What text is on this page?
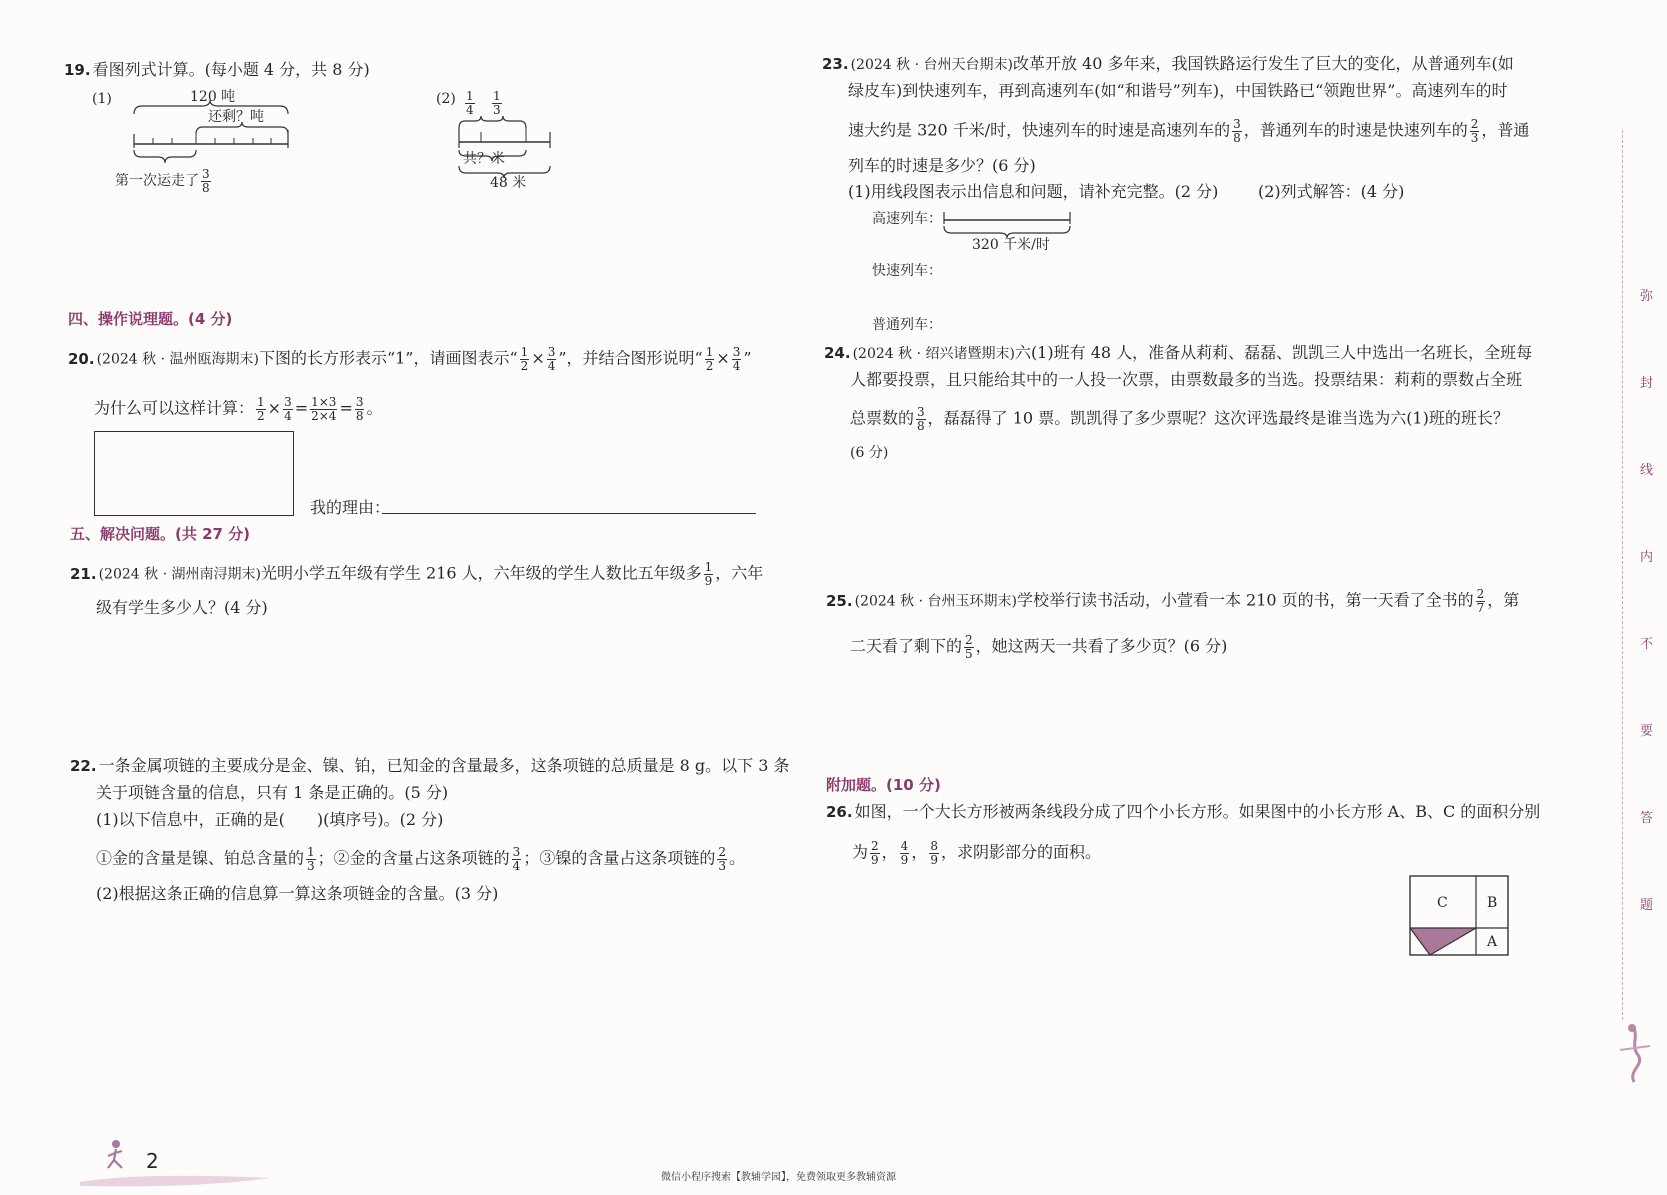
19. 看图列式计算。(每小题 4 分，共 8 分)
(1)	120 吨
还剩？吨
第一次运走了 $\frac{3}{8}$
$(2) \frac{1}{4} \frac{1}{3}$
共？米
48 米
四、操作说理题。(4 分)
20. (2024 秋 · 温州瓯海期末)下图的长方形表示“1”，请画图表示“ $\frac{1}{2} \times \frac{3}{4}$ ”，并结合图形说明“ $\frac{1}{2} \times \frac{3}{4}$ ”
为什么可以这样计算： $\frac{1}{2} \times \frac{3}{4} = \frac{1\times 3}{2\times 4} = \frac{3}{8}$ 。
我的理由：
五、解决问题。(共 27 分)
21. (2024 秋 · 湖州南浔期末)光明小学五年级有学生 216 人，六年级的学生人数比五年级多 $\frac{1}{9}$ ，六年
级有学生多少人？(4 分)
22. 一条金属项链的主要成分是金、镍、铂，已知金的含量最多，这条项链的总质量是 8 g。以下 3 条
关于项链含量的信息，只有 1 条是正确的。(5 分)
(1)以下信息中，正确的是(　　)(填序号)。(2 分)
①金的含量是镍、铂总含量的 $\frac{1}{3}$ ；②金的含量占这条项链的 $\frac{3}{4}$ ；③镍的含量占这条项链的 $\frac{2}{3}$ 。
(2)根据这条正确的信息算一算这条项链金的含量。(3 分)
23. (2024 秋 · 台州天台期末)改革开放 40 多年来，我国铁路运行发生了巨大的变化，从普通列车(如
绿皮车)到快速列车，再到高速列车(如“和谐号”列车)，中国铁路已“领跑世界”。高速列车的时
速大约是 320 千米/时，快速列车的时速是高速列车的 $\frac{3}{8}$ ，普通列车的时速是快速列车的 $\frac{2}{3}$ ，普通
列车的时速是多少？(6 分)
(1)用线段图表示出信息和问题，请补充完整。(2 分) (2)列式解答：(4 分)
高速列车：
320 千米/时
快速列车：
普通列车：
24. (2024 秋 · 绍兴诸暨期末)六(1)班有 48 人，准备从莉莉、磊磊、凯凯三人中选出一名班长，全班每
人都要投票，且只能给其中的一人投一次票，由票数最多的当选。投票结果：莉莉的票数占全班
总票数的 $\frac{3}{8}$ ，磊磊得了 10 票。凯凯得了多少票呢？这次评选最终是谁当选为六(1)班的班长？
(6 分)
25. (2024 秋 · 台州玉环期末)学校举行读书活动，小萱看一本 210 页的书，第一天看了全书的 $\frac{2}{7}$ ，第
二天看了剩下的 $\frac{2}{5}$ ，她这两天一共看了多少页？(6 分)
附加题。(10 分)
26. 如图，一个大长方形被两条线段分成了四个小长方形。如果图中的小长方形 A、B、C 的面积分别
为 $\frac{2}{9}$ ， $\frac{4}{9}$ ， $\frac{8}{9}$ ，求阴影部分的面积。
C	B
A
弥
封
线
内
不
要
答
题
2
微信小程序搜索【教辅学园】，免费领取更多教辅资源
